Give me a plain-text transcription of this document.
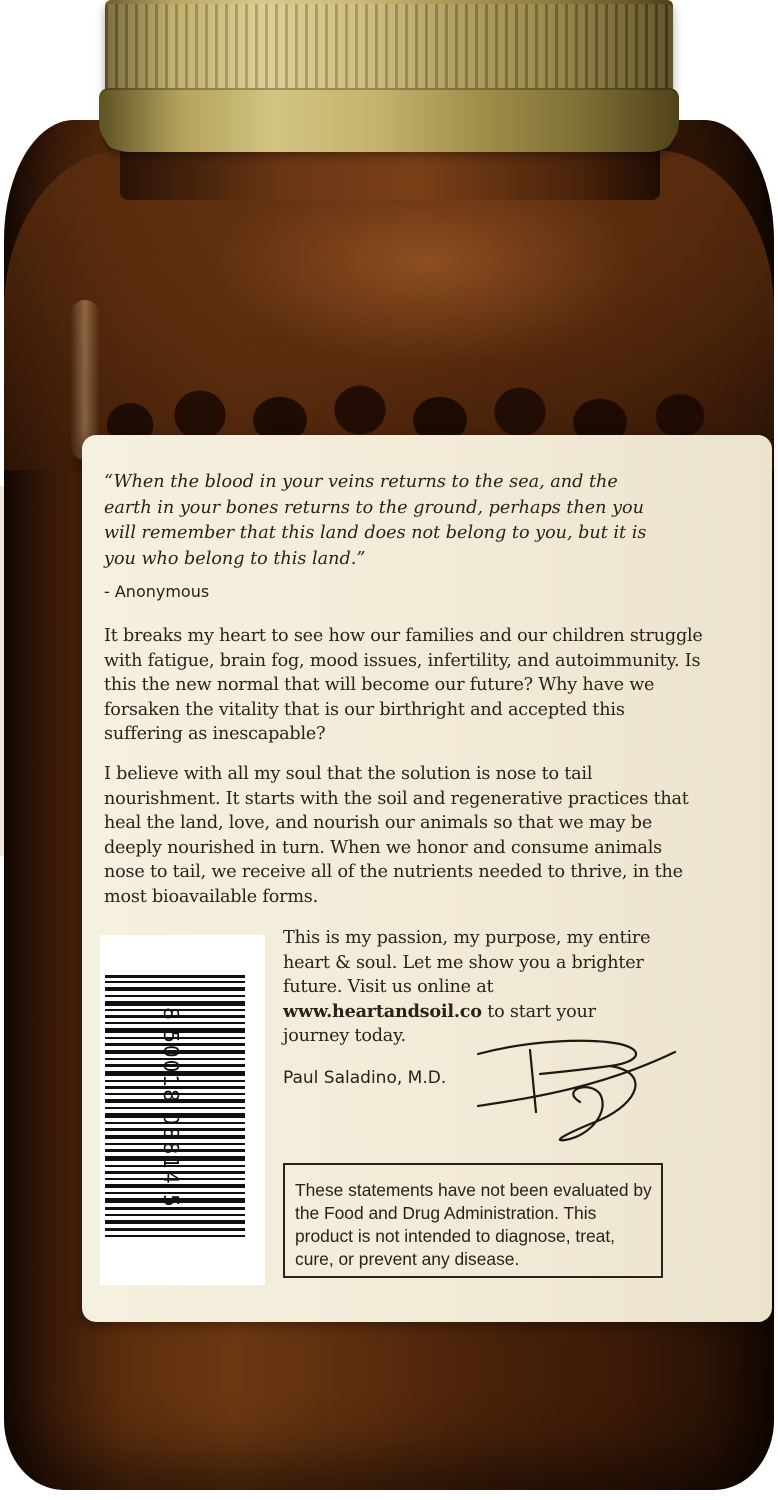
“When the blood in your veins returns to the sea, and the earth in your bones returns to the ground, perhaps then you will remember that this land does not belong to you, but it is you who belong to this land.”
- Anonymous
It breaks my heart to see how our families and our children struggle with fatigue, brain fog, mood issues, infertility, and autoimmunity. Is this the new normal that will become our future? Why have we forsaken the vitality that is our birthright and accepted this suffering as inescapable?
I believe with all my soul that the solution is nose to tail nourishment. It starts with the soil and regenerative practices that heal the land, love, and nourish our animals so that we may be deeply nourished in turn. When we honor and consume animals nose to tail, we receive all of the nutrients needed to thrive, in the most bioavailable forms.
This is my passion, my purpose, my entire heart & soul. Let me show you a brighter future. Visit us online at www.heartandsoil.co to start your journey today.
Paul Saladino, M.D.
8 50018 08814 5	These statements have not been evaluated by the Food and Drug Administration. This product is not intended to diagnose, treat, cure, or prevent any disease.
